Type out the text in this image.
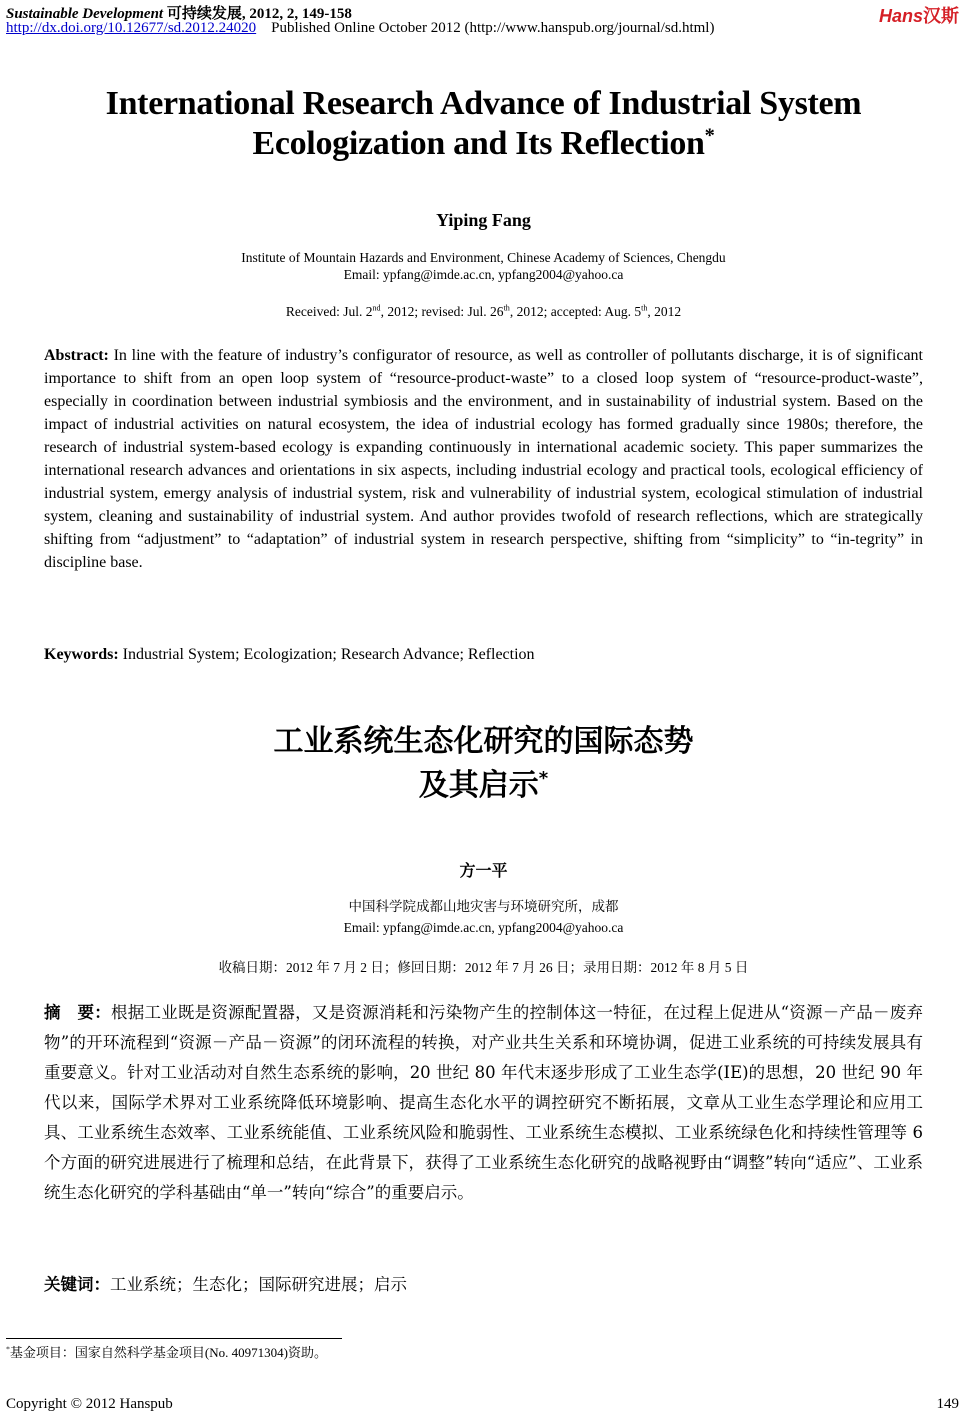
Sustainable Development 可持续发展, 2012, 2, 149-158
http://dx.doi.org/10.12677/sd.2012.24020 Published Online October 2012 (http://www.hanspub.org/journal/sd.html)
Hans汉斯
International Research Advance of Industrial System
Ecologization and Its Reflection*
Yiping Fang
Institute of Mountain Hazards and Environment, Chinese Academy of Sciences, Chengdu
Email: ypfang@imde.ac.cn, ypfang2004@yahoo.ca
Received: Jul. 2nd, 2012; revised: Jul. 26th, 2012; accepted: Aug. 5th, 2012
Abstract: In line with the feature of industry’s configurator of resource, as well as controller of pollutants discharge, it is of significant importance to shift from an open loop system of “resource-product-waste” to a closed loop system of “resource-product-waste”, especially in coordination between industrial symbiosis and the environment, and in sustainability of industrial system. Based on the impact of industrial activities on natural ecosystem, the idea of industrial ecology has formed gradually since 1980s; therefore, the research of industrial system-based ecology is expanding continuously in international academic society. This paper summarizes the international research advances and orientations in six aspects, including industrial ecology and practical tools, ecological efficiency of industrial system, emergy analysis of industrial system, risk and vulnerability of industrial system, ecological stimulation of industrial system, cleaning and sustainability of industrial system. And author provides twofold of research reflections, which are strategically shifting from “adjustment” to “adaptation” of industrial system in research perspective, shifting from “simplicity” to “in-tegrity” in discipline base.
Keywords: Industrial System; Ecologization; Research Advance; Reflection
工业系统生态化研究的国际态势
及其启示*
方一平
中国科学院成都山地灾害与环境研究所，成都
Email: ypfang@imde.ac.cn, ypfang2004@yahoo.ca
收稿日期：2012 年 7 月 2 日；修回日期：2012 年 7 月 26 日；录用日期：2012 年 8 月 5 日
摘　要：根据工业既是资源配置器，又是资源消耗和污染物产生的控制体这一特征，在过程上促进从“资源－产品－废弃物”的开环流程到“资源－产品－资源”的闭环流程的转换，对产业共生关系和环境协调，促进工业系统的可持续发展具有重要意义。针对工业活动对自然生态系统的影响，20 世纪 80 年代末逐步形成了工业生态学(IE)的思想，20 世纪 90 年代以来，国际学术界对工业系统降低环境影响、提高生态化水平的调控研究不断拓展，文章从工业生态学理论和应用工具、工业系统生态效率、工业系统能值、工业系统风险和脆弱性、工业系统生态模拟、工业系统绿色化和持续性管理等 6 个方面的研究进展进行了梳理和总结，在此背景下，获得了工业系统生态化研究的战略视野由“调整”转向“适应”、工业系统生态化研究的学科基础由“单一”转向“综合”的重要启示。
关键词：工业系统；生态化；国际研究进展；启示
*基金项目：国家自然科学基金项目(No. 40971304)资助。
Copyright © 2012 Hanspub	149
